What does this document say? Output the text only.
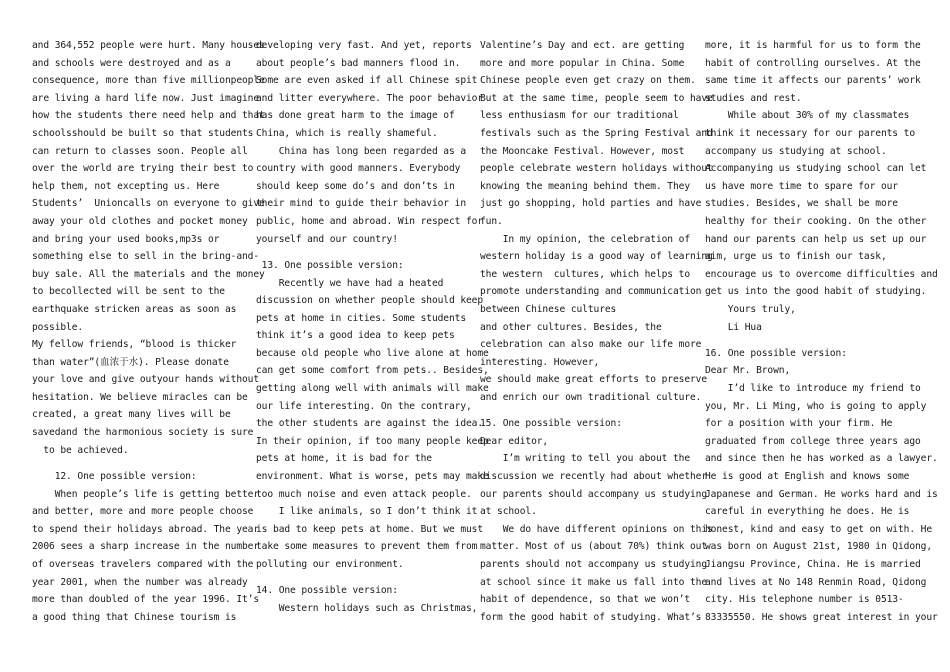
and 364,552 people were hurt. Many houses
and schools were destroyed and as a
consequence, more than five millionpeople
are living a hard life now. Just imagine
how the students there need help and that
schoolsshould be built so that students
can return to classes soon. People all
over the world are trying their best to
help them, not excepting us. Here
Students’  Unioncalls on everyone to give
away your old clothes and pocket money
and bring your used books,mp3s or
something else to sell in the bring-and-
buy sale. All the materials and the money
to becollected will be sent to the
earthquake stricken areas as soon as
possible.
My fellow friends, “blood is thicker
than water”(血浓于水). Please donate
your love and give outyour hands without
hesitation. We believe miracles can be
created, a great many lives will be
savedand the harmonious society is sure
to be achieved.
12. One possible version:
When people’s life is getting better
and better, more and more people choose
to spend their holidays abroad. The year
2006 sees a sharp increase in the number
of overseas travelers compared with the
year 2001, when the number was already
more than doubled of the year 1996. It’s
a good thing that Chinese tourism is
developing very fast. And yet, reports
about people’s bad manners flood in.
Some are even asked if all Chinese spit
and litter everywhere. The poor behavior
has done great harm to the image of
China, which is really shameful.
China has long been regarded as a
country with good manners. Everybody
should keep some do’s and don’ts in
their mind to guide their behavior in
public, home and abroad. Win respect for
yourself and our country!
13. One possible version:
Recently we have had a heated
discussion on whether people should keep
pets at home in cities. Some students
think it’s a good idea to keep pets
because old people who live alone at home
can get some comfort from pets.. Besides,
getting along well with animals will make
our life interesting. On the contrary,
the other students are against the idea.
In their opinion, if too many people keep
pets at home, it is bad for the
environment. What is worse, pets may make
too much noise and even attack people.
I like animals, so I don’t think it
is bad to keep pets at home. But we must
take some measures to prevent them from
polluting our environment.
14. One possible version:
Western holidays such as Christmas,
Valentine’s Day and ect. are getting
more and more popular in China. Some
Chinese people even get crazy on them.
But at the same time, people seem to have
less enthusiasm for our traditional
festivals such as the Spring Festival and
the Mooncake Festival. However, most
people celebrate western holidays without
knowing the meaning behind them. They
just go shopping, hold parties and have
fun.
In my opinion, the celebration of
western holiday is a good way of learning
the western  cultures, which helps to
promote understanding and communication
between Chinese cultures
and other cultures. Besides, the
celebration can also make our life more
interesting. However,
we should make great efforts to preserve
and enrich our own traditional culture.
15. One possible version:
Dear editor,
I’m writing to tell you about the
discussion we recently had about whether
our parents should accompany us studying
at school.
We do have different opinions on this
matter. Most of us (about 70%) think out
parents should not accompany us studying
at school since it make us fall into the
habit of dependence, so that we won’t
form the good habit of studying. What’s
more, it is harmful for us to form the
habit of controlling ourselves. At the
same time it affects our parents’ work
studies and rest.
While about 30% of my classmates
think it necessary for our parents to
accompany us studying at school.
Accompanying us studying school can let
us have more time to spare for our
studies. Besides, we shall be more
healthy for their cooking. On the other
hand our parents can help us set up our
aim, urge us to finish our task,
encourage us to overcome difficulties and
get us into the good habit of studying.
Yours truly,
Li Hua
16. One possible version:
Dear Mr. Brown,
I’d like to introduce my friend to
you, Mr. Li Ming, who is going to apply
for a position with your firm. He
graduated from college three years ago
and since then he has worked as a lawyer.
He is good at English and knows some
Japanese and German. He works hard and is
careful in everything he does. He is
honest, kind and easy to get on with. He
was born on August 21st, 1980 in Qidong,
Jiangsu Province, China. He is married
and lives at No 148 Renmin Road, Qidong
city. His telephone number is 0513-
83335550. He shows great interest in your
